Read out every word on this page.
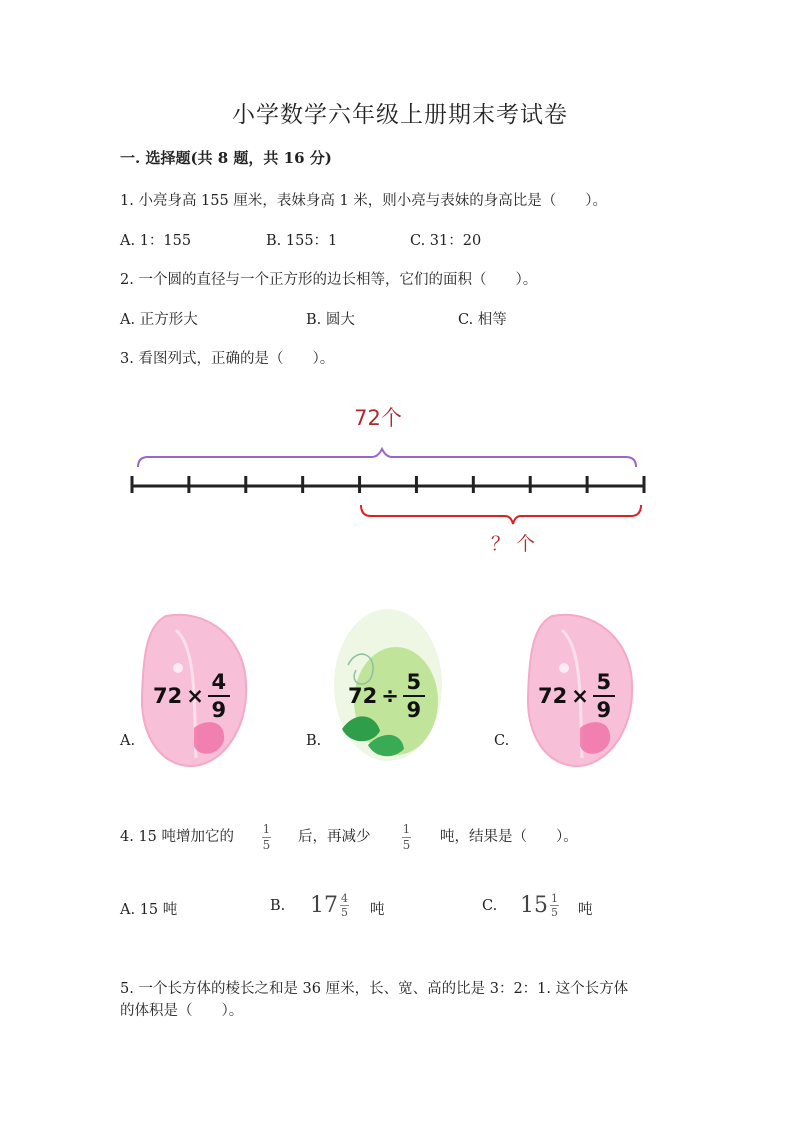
小学数学六年级上册期末考试卷
一. 选择题(共 8 题，共 16 分)
1. 小亮身高 155 厘米，表妹身高 1 米，则小亮与表妹的身高比是（　　）。
A. 1：155	B. 155：1	C. 31：20
2. 一个圆的直径与一个正方形的边长相等，它们的面积（　　）。
A. 正方形大	B. 圆大	C. 相等
3. 看图列式，正确的是（　　）。
72个
？ 个
A.
72 ×
4
9
B.
72 ÷
5
9
C.
72 ×
5
9
4. 15 吨增加它的 $\frac{1}{5}$ 后，再减少	$\frac{1}{5}$ 吨，结果是（　　）。
A. 15 吨	B. $17 \frac{4}{5}$ 吨	C. $15 \frac{1}{5}$ 吨
5. 一个长方体的棱长之和是 36 厘米，长、宽、高的比是 3：2：1. 这个长方体
的体积是（　　）。
